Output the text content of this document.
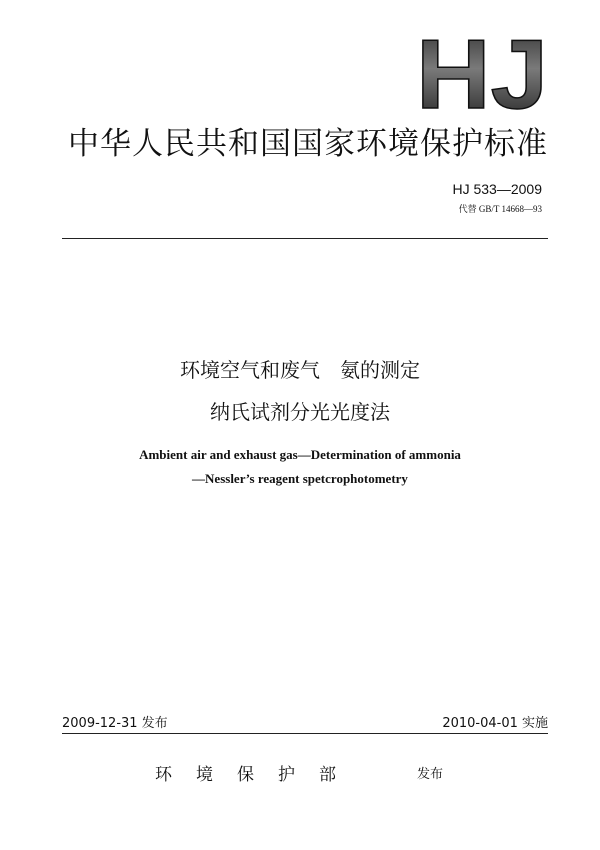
HJ
中华人民共和国国家环境保护标准
HJ 533—2009
代替 GB/T 14668—93
环境空气和废气　氨的测定
纳氏试剂分光光度法
Ambient air and exhaust gas—Determination of ammonia
—Nessler’s reagent spetcrophotometry
2009-12-31 发布	2010-04-01 实施
环境保护部	发布
